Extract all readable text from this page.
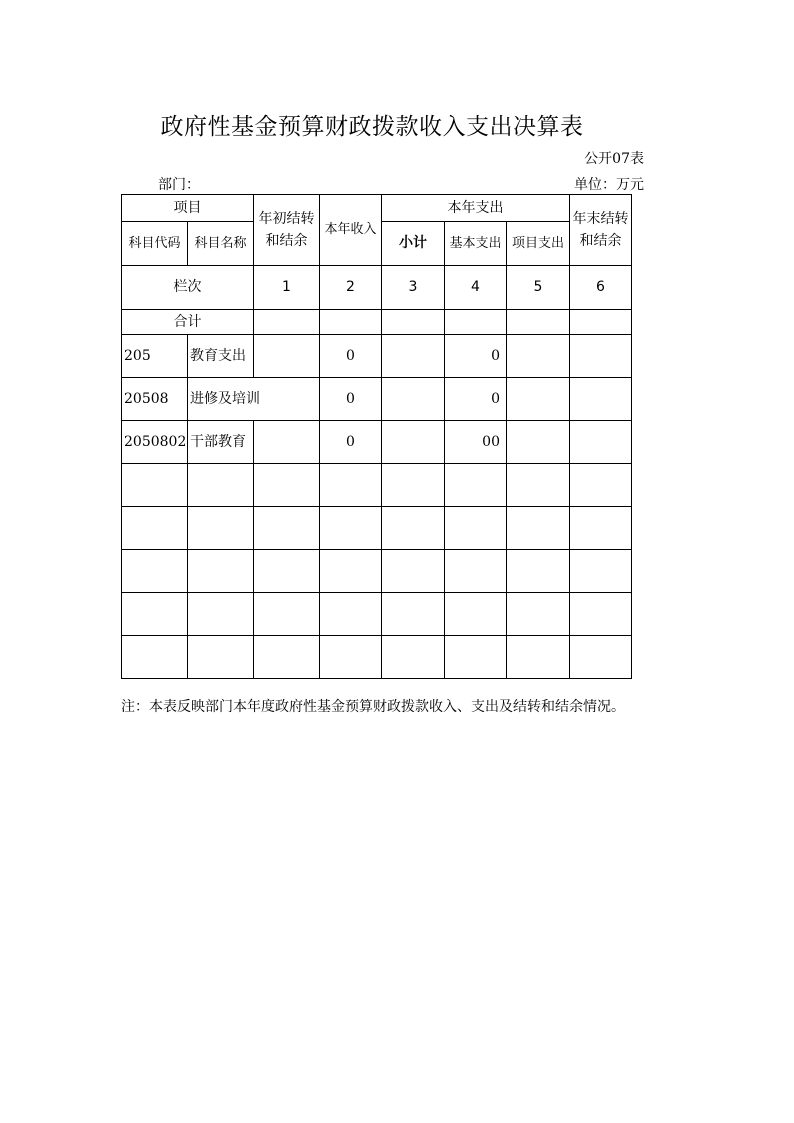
政府性基金预算财政拨款收入支出决算表
公开07表
部门：	单位：万元
项目		年初结转和结余	本年收入	本年支出			年末结转和结余
科目代码	科目名称			小计	基本支出	项目支出	
栏次		1	2	3	4	5	6
合计							
205	教育支出		0		0		
20508	进修及培训		0		0		
2050802	干部教育		0		00		

注：本表反映部门本年度政府性基金预算财政拨款收入、支出及结转和结余情况。
